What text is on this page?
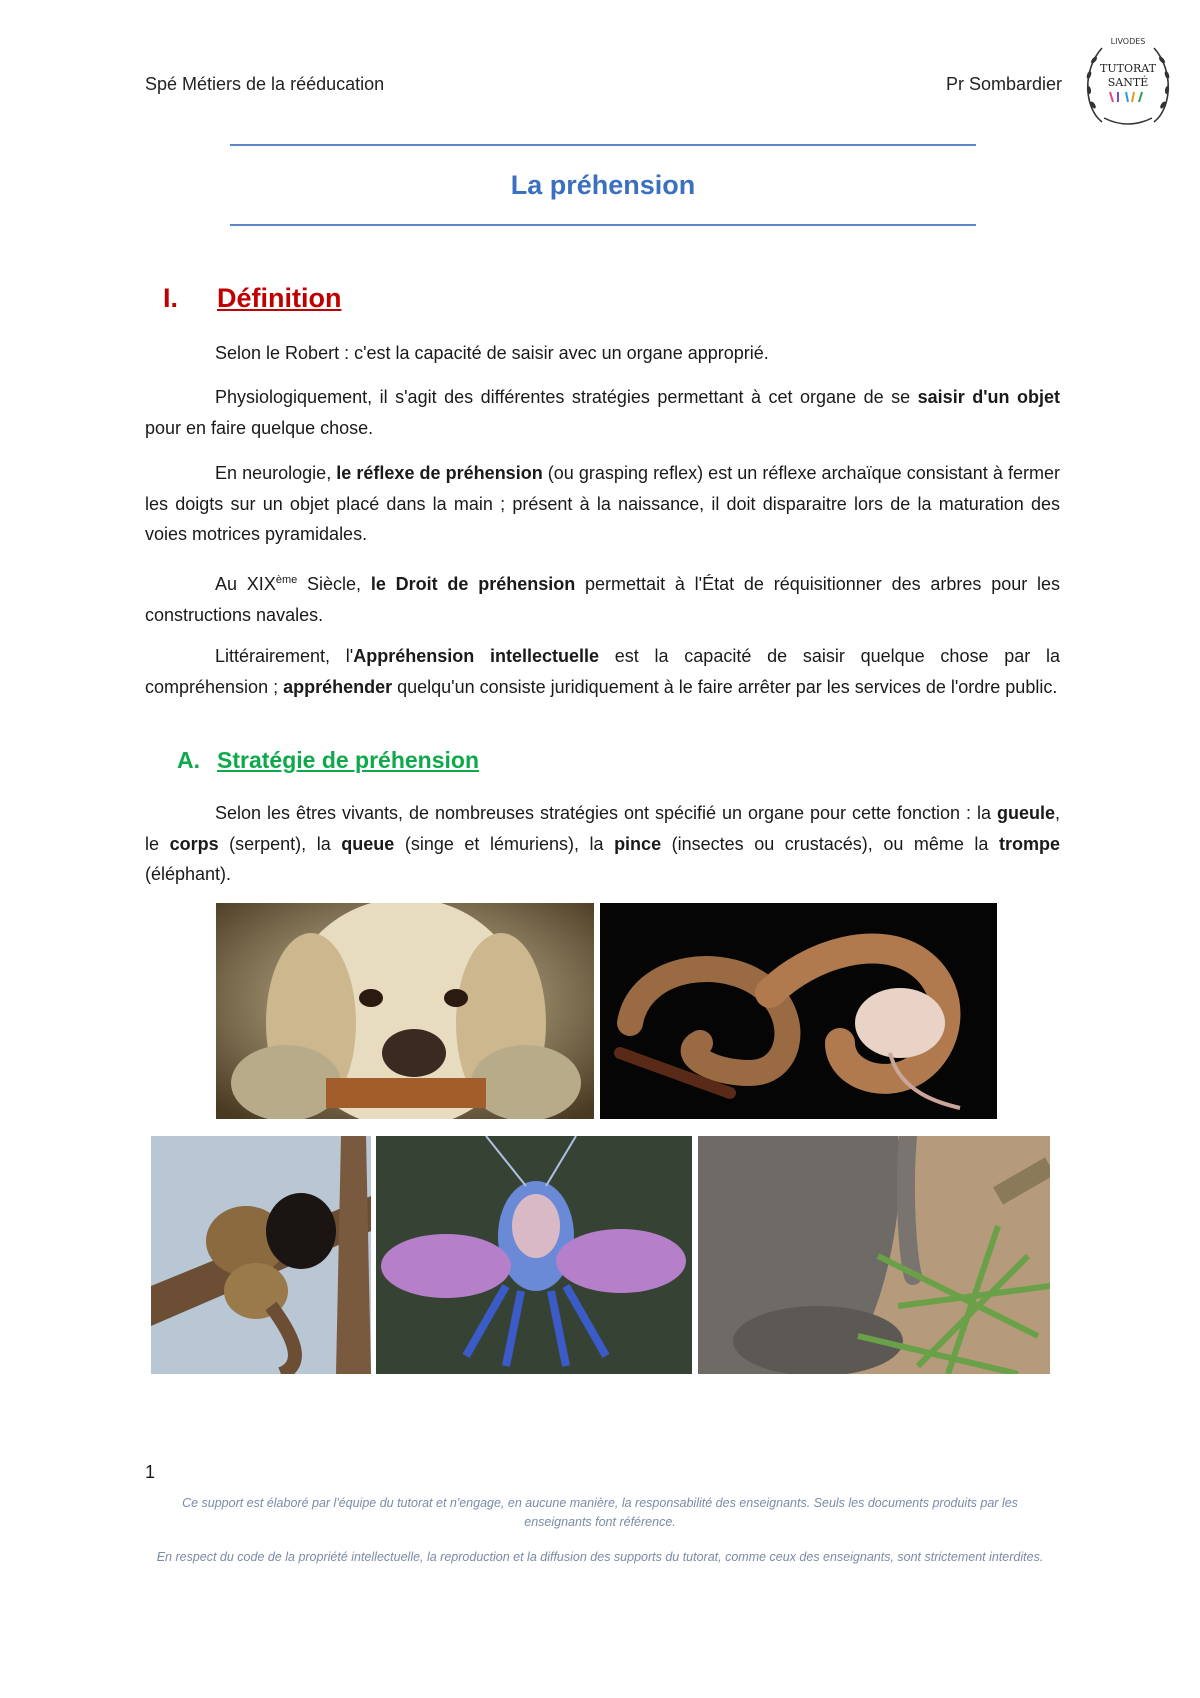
Spé Métiers de la rééducation	Pr Sombardier
LIVODES
TUTORAT
SANTÉ
La préhension
I. Définition
Selon le Robert : c'est la capacité de saisir avec un organe approprié.
Physiologiquement, il s'agit des différentes stratégies permettant à cet organe de se saisir d'un objet pour en faire quelque chose.
En neurologie, le réflexe de préhension (ou grasping reflex) est un réflexe archaïque consistant à fermer les doigts sur un objet placé dans la main ; présent à la naissance, il doit disparaitre lors de la maturation des voies motrices pyramidales.
Au XIXème Siècle, le Droit de préhension permettait à l'État de réquisitionner des arbres pour les constructions navales.
Littérairement, l'Appréhension intellectuelle est la capacité de saisir quelque chose par la compréhension ; appréhender quelqu'un consiste juridiquement à le faire arrêter par les services de l'ordre public.
A. Stratégie de préhension
Selon les êtres vivants, de nombreuses stratégies ont spécifié un organe pour cette fonction : la gueule, le corps (serpent), la queue (singe et lémuriens), la pince (insectes ou crustacés), ou même la trompe (éléphant).
1
Ce support est élaboré par l'équipe du tutorat et n'engage, en aucune manière, la responsabilité des enseignants. Seuls les documents produits par les enseignants font référence.
En respect du code de la propriété intellectuelle, la reproduction et la diffusion des supports du tutorat, comme ceux des enseignants, sont strictement interdites.
